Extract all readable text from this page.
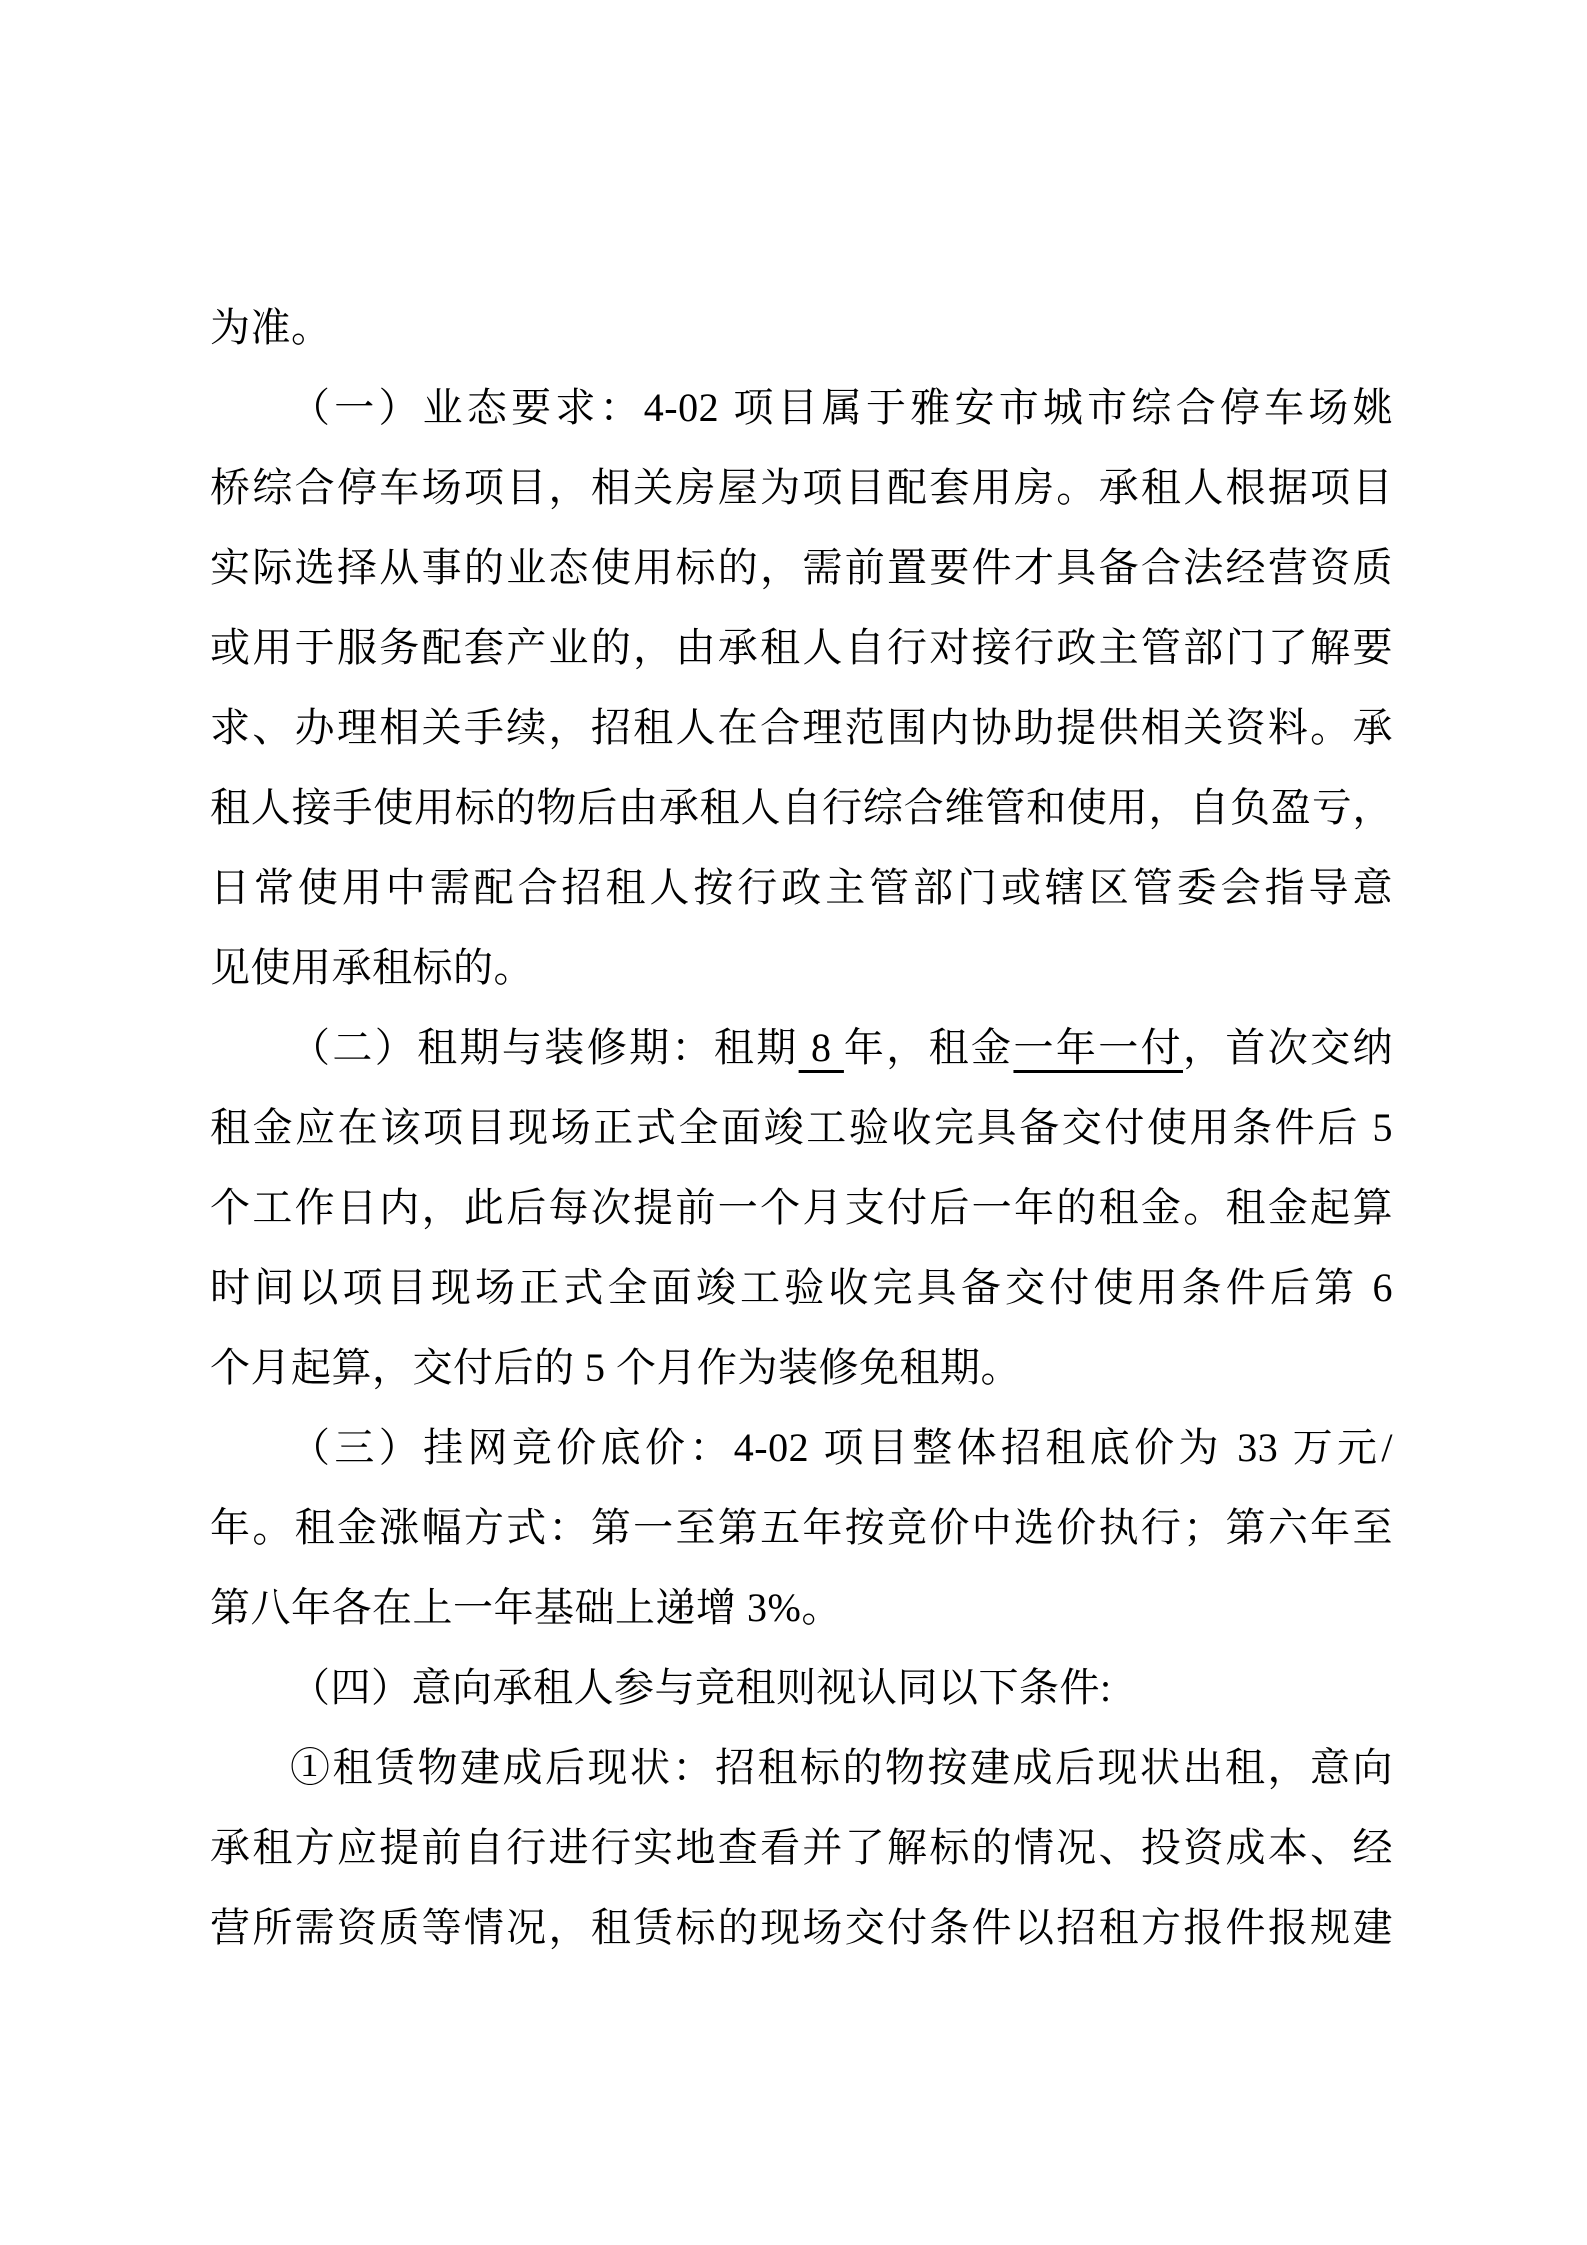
为准。
（一）业态要求：4-02 项目属于雅安市城市综合停车场姚
桥综合停车场项目，相关房屋为项目配套用房。承租人根据项目
实际选择从事的业态使用标的，需前置要件才具备合法经营资质
或用于服务配套产业的，由承租人自行对接行政主管部门了解要
求、办理相关手续，招租人在合理范围内协助提供相关资料。承
租人接手使用标的物后由承租人自行综合维管和使用，自负盈亏，
日常使用中需配合招租人按行政主管部门或辖区管委会指导意
见使用承租标的。
（二）租期与装修期：租期 8 年，租金一年一付，首次交纳
租金应在该项目现场正式全面竣工验收完具备交付使用条件后 5
个工作日内，此后每次提前一个月支付后一年的租金。租金起算
时间以项目现场正式全面竣工验收完具备交付使用条件后第 6
个月起算，交付后的 5 个月作为装修免租期。
（三）挂网竞价底价：4-02 项目整体招租底价为 33 万元/
年。租金涨幅方式：第一至第五年按竞价中选价执行；第六年至
第八年各在上一年基础上递增 3%。
（四）意向承租人参与竞租则视认同以下条件:
①租赁物建成后现状：招租标的物按建成后现状出租，意向
承租方应提前自行进行实地查看并了解标的情况、投资成本、经
营所需资质等情况，租赁标的现场交付条件以招租方报件报规建
